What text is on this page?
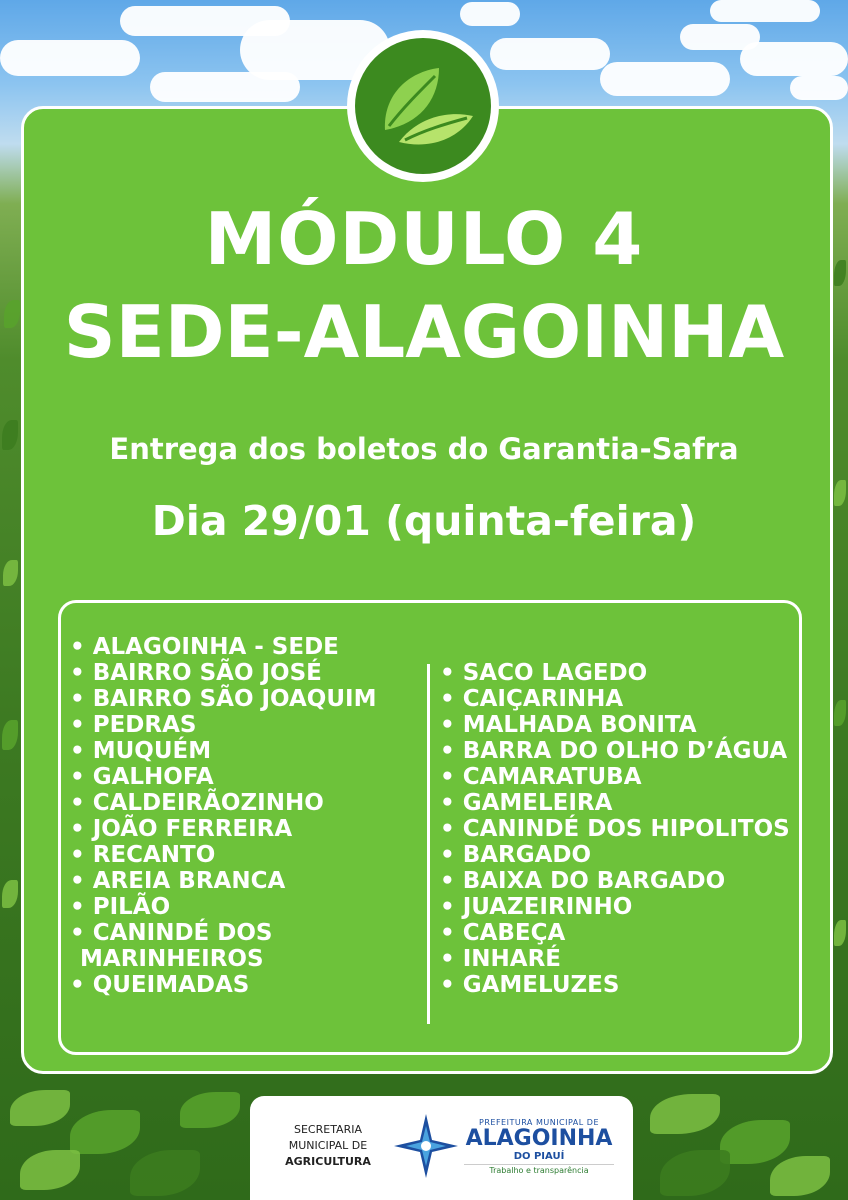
MÓDULO 4
SEDE-ALAGOINHA
Entrega dos boletos do Garantia-Safra
Dia 29/01 (quinta-feira)
• ALAGOINHA - SEDE
• BAIRRO SÃO JOSÉ
• BAIRRO SÃO JOAQUIM
• PEDRAS
• MUQUÉM
• GALHOFA
• CALDEIRÃOZINHO
• JOÃO FERREIRA
• RECANTO
• AREIA BRANCA
• PILÃO
• CANINDÉ DOS
MARINHEIROS
• QUEIMADAS
• SACO LAGEDO
• CAIÇARINHA
• MALHADA BONITA
• BARRA DO OLHO D’ÁGUA
• CAMARATUBA
• GAMELEIRA
• CANINDÉ DOS HIPOLITOS
• BARGADO
• BAIXA DO BARGADO
• JUAZEIRINHO
• CABEÇA
• INHARÉ
• GAMELUZES
SECRETARIA
MUNICIPAL DE
AGRICULTURA
PREFEITURA MUNICIPAL DE
ALAGOINHA
DO PIAUÍ
Trabalho e transparência
